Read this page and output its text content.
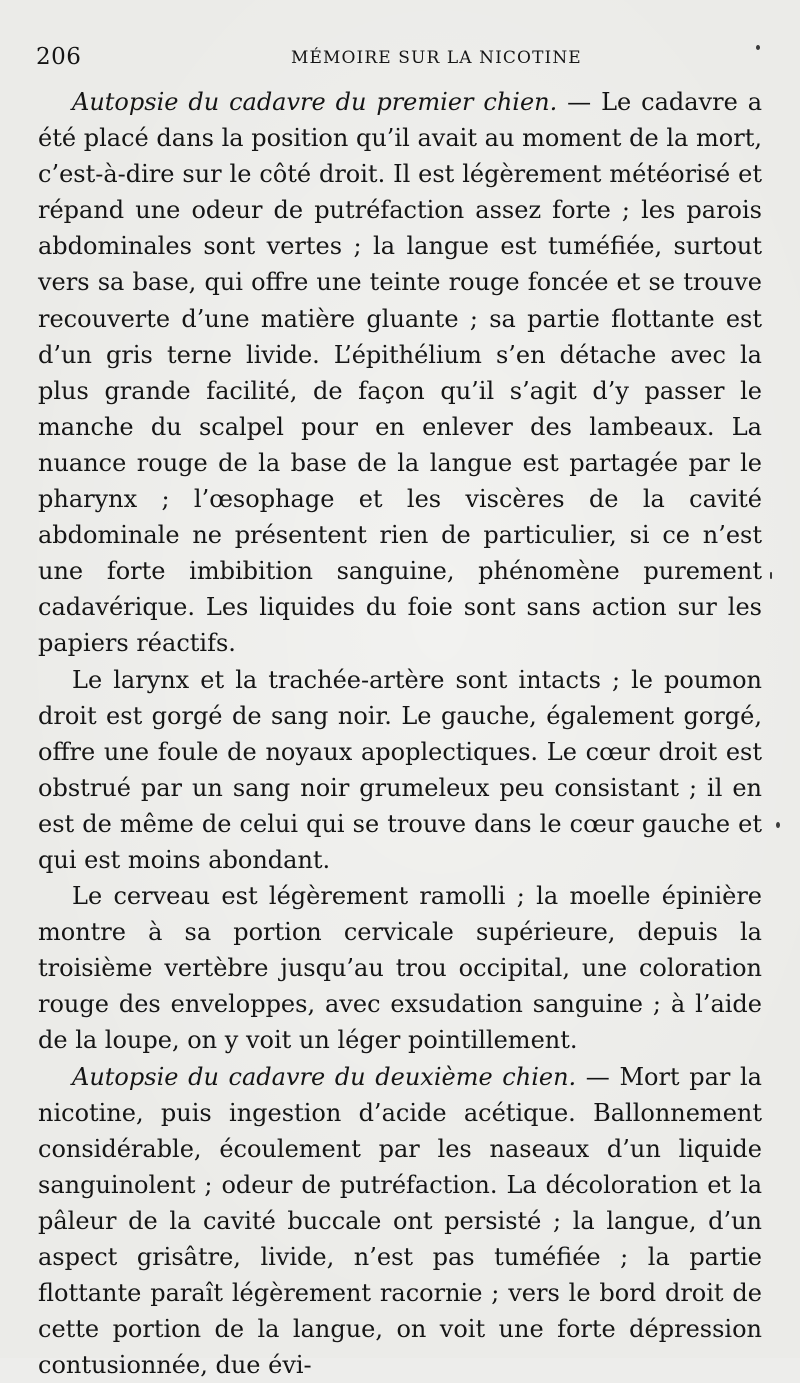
206	MÉMOIRE SUR LA NICOTINE

Autopsie du cadavre du premier chien. — Le cadavre a été placé dans la position qu’il avait au moment de la mort, c’est-à-dire sur le côté droit. Il est légèrement météorisé et répand une odeur de putréfaction assez forte ; les parois abdominales sont vertes ; la langue est tuméfiée, surtout vers sa base, qui offre une teinte rouge foncée et se trouve recouverte d’une matière gluante ; sa partie flottante est d’un gris terne livide. L’épithélium s’en détache avec la plus grande facilité, de façon qu’il s’agit d’y passer le manche du scalpel pour en enlever des lambeaux. La nuance rouge de la base de la langue est partagée par le pharynx ; l’œsophage et les viscères de la cavité abdominale ne présentent rien de particulier, si ce n’est une forte imbibition sanguine, phénomène purement cadavérique. Les liquides du foie sont sans action sur les papiers réactifs.

Le larynx et la trachée-artère sont intacts ; le poumon droit est gorgé de sang noir. Le gauche, également gorgé, offre une foule de noyaux apoplectiques. Le cœur droit est obstrué par un sang noir grumeleux peu consistant ; il en est de même de celui qui se trouve dans le cœur gauche et qui est moins abondant.

Le cerveau est légèrement ramolli ; la moelle épinière montre à sa portion cervicale supérieure, depuis la troisième vertèbre jusqu’au trou occipital, une coloration rouge des enveloppes, avec exsudation sanguine ; à l’aide de la loupe, on y voit un léger pointillement.

Autopsie du cadavre du deuxième chien. — Mort par la nicotine, puis ingestion d’acide acétique. Ballonnement considérable, écoulement par les naseaux d’un liquide sanguinolent ; odeur de putréfaction. La décoloration et la pâleur de la cavité buccale ont persisté ; la langue, d’un aspect grisâtre, livide, n’est pas tuméfiée ; la partie flottante paraît légèrement racornie ; vers le bord droit de cette portion de la langue, on voit une forte dépression contusionnée, due évi-
